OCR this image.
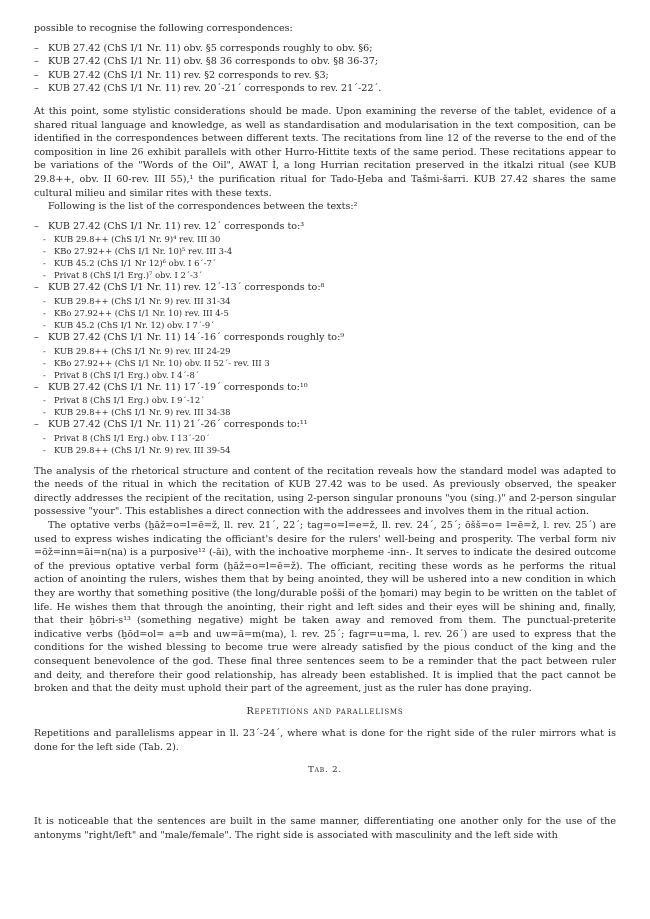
possible to recognise the following correspondences:

– KUB 27.42 (ChS I/1 Nr. 11) obv. §5 corresponds roughly to obv. §6;
– KUB 27.42 (ChS I/1 Nr. 11) obv. §8 36 corresponds to obv. §8 36-37;
– KUB 27.42 (ChS I/1 Nr. 11) rev. §2 corresponds to rev. §3;
– KUB 27.42 (ChS I/1 Nr. 11) rev. 20´-21´ corresponds to rev. 21´-22´.

At this point, some stylistic considerations should be made. Upon examining the reverse of the tablet, evidence of a shared ritual language and knowledge, as well as standardisation and modularisation in the text composition, can be identified in the correspondences between different texts. The recitations from line 12 of the reverse to the end of the composition in line 26 exhibit parallels with other Hurro-Hittite texts of the same period. These recitations appear to be variations of the "Words of the Oil", AWAT Ì, a long Hurrian recitation preserved in the itkalzi ritual (see KUB 29.8++, obv. II 60-rev. III 55),¹ the purification ritual for Tado-Ḫeba and Tašmi-šarri. KUB 27.42 shares the same cultural milieu and similar rites with these texts.

Following is the list of the correspondences between the texts:²

– KUB 27.42 (ChS I/1 Nr. 11) rev. 12´ corresponds to:³
- KUB 29.8++ (ChS I/1 Nr. 9)⁴ rev. III 30
- KBo 27.92++ (ChS I/1 Nr. 10)⁵ rev. III 3-4
- KUB 45.2 (ChS I/1 Nr 12)⁶ obv. I 6´-7´
- Privat 8 (ChS I/1 Erg.)⁷ obv. I 2´-3´
– KUB 27.42 (ChS I/1 Nr. 11) rev. 12´-13´ corresponds to:⁸
- KUB 29.8++ (ChS I/1 Nr. 9) rev. III 31-34
- KBo 27.92++ (ChS I/1 Nr. 10) rev. III 4-5
- KUB 45.2 (ChS I/1 Nr. 12) obv. I 7´-9´
– KUB 27.42 (ChS I/1 Nr. 11) 14´-16´ corresponds roughly to:⁹
- KUB 29.8++ (ChS I/1 Nr. 9) rev. III 24-29
- KBo 27.92++ (ChS I/1 Nr. 10) obv. II 52´- rev. III 3
- Privat 8 (ChS I/1 Erg.) obv. I 4´-8´
– KUB 27.42 (ChS I/1 Nr. 11) 17´-19´ corresponds to:¹⁰
- Privat 8 (ChS I/1 Erg.) obv. I 9´-12´
- KUB 29.8++ (ChS I/1 Nr. 9) rev. III 34-38
– KUB 27.42 (ChS I/1 Nr. 11) 21´-26´ corresponds to:¹¹
- Privat 8 (ChS I/1 Erg.) obv. I 13´-20´
- KUB 29.8++ (ChS I/1 Nr. 9) rev. III 39-54

The analysis of the rhetorical structure and content of the recitation reveals how the standard model was adapted to the needs of the ritual in which the recitation of KUB 27.42 was to be used. As previously observed, the speaker directly addresses the recipient of the recitation, using 2-person singular pronouns "you (sing.)" and 2-person singular possessive "your". This establishes a direct connection with the addressees and involves them in the ritual action.

The optative verbs (ḫāž=o=l=ē=ž, ll. rev. 21´, 22´; tag=o=l=e=ž, ll. rev. 24´, 25´; ōšš=o= l=ē=ž, l. rev. 25´) are used to express wishes indicating the officiant's desire for the rulers' well-being and prosperity. The verbal form niv =ōž=inn=āi=n(na) is a purposive¹² (-āi), with the inchoative morpheme -inn-. It serves to indicate the desired outcome of the previous optative verbal form (ḫāž=o=l=ē=ž). The officiant, reciting these words as he performs the ritual action of anointing the rulers, wishes them that by being anointed, they will be ushered into a new condition in which they are worthy that something positive (the long/durable pošši of the ḫomari) may begin to be written on the tablet of life. He wishes them that through the anointing, their right and left sides and their eyes will be shining and, finally, that their ḫōbri-s¹³ (something negative) might be taken away and removed from them. The punctual-preterite indicative verbs (ḫōd=ol= a=b and uw=ā=m(ma), l. rev. 25´; fagr=u=ma, l. rev. 26´) are used to express that the conditions for the wished blessing to become true were already satisfied by the pious conduct of the king and the consequent benevolence of the god. These final three sentences seem to be a reminder that the pact between ruler and deity, and therefore their good relationship, has already been established. It is implied that the pact cannot be broken and that the deity must uphold their part of the agreement, just as the ruler has done praying.

Repetitions and parallelisms

Repetitions and parallelisms appear in ll. 23´-24´, where what is done for the right side of the ruler mirrors what is done for the left side (Tab. 2).

Tab. 2.

It is noticeable that the sentences are built in the same manner, differentiating one another only for the use of the antonyms "right/left" and "male/female". The right side is associated with masculinity and the left side with
